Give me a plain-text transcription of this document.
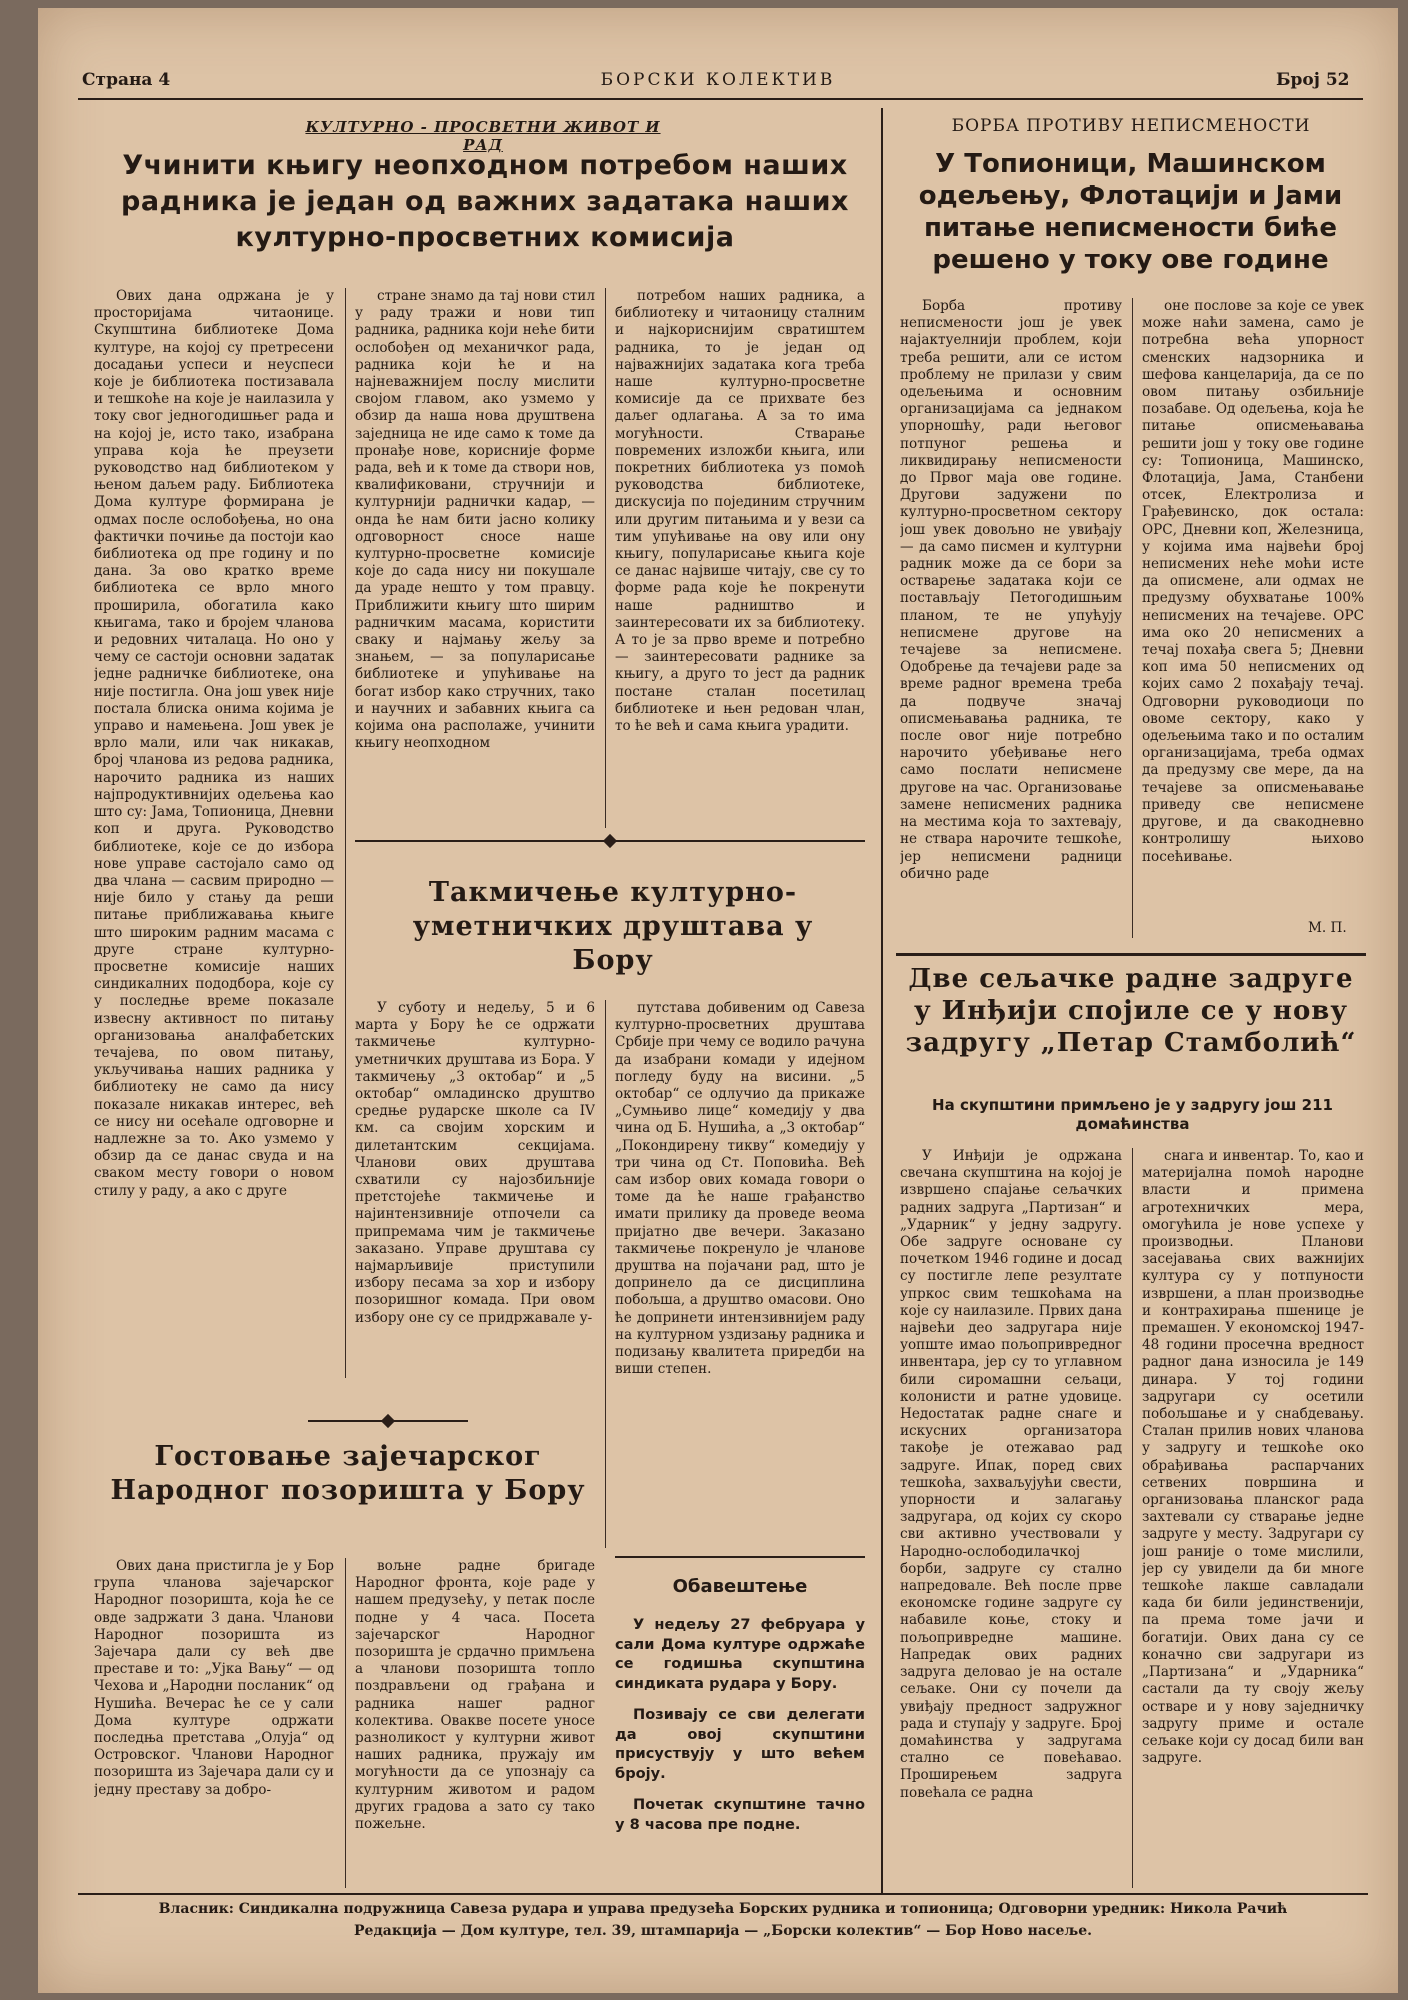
Страна 4	БОРСКИ КОЛЕКТИВ	Број 52
КУЛТУРНО - ПРОСВЕТНИ ЖИВОТ И РАД
Учинити књигу неопходном потребом наших радника је један од важних задатака наших културно-просветних комисија

Ових дана одржана је у просторијама читаонице. Скупштина библиотеке Дома културе, на којој су претресени досадањи успеси и неуспеси које је библиотека постизавала и тешкоће на које је наилазила у току свог једногодишњег рада и на којој је, исто тако, изабрана управа која ће преузети руководство над библиотеком у њеном даљем раду. Библиотека Дома културе формирана је одмах после ослобођења, но она фактички почиње да постоји као библиотека од пре годину и по дана. За ово кратко време библиотека се врло много проширила, обогатила како књигама, тако и бројем чланова и редовних читалаца. Но оно у чему се састоји основни задатак једне радничке библиотеке, она није постигла. Она још увек није постала блиска онима којима је управо и намењена. Још увек је врло мали, или чак никакав, број чланова из редова радника, нарочито радника из наших најпродуктивнијих одељења као што су: Јама, Топионица, Дневни коп и друга. Руководство библиотеке, које се до избора нове управе састојало само од два члана — сасвим природно — није било у стању да реши питање приближавања књиге што широким радним масама с друге стране културно-просветне комисије наших синдикалних пододбора, које су у последње време показале извесну активност по питању организовања аналфабетских течајева, по овом питању, укључивања наших радника у библиотеку не само да нису показале никакав интерес, већ се нису ни осећале одговорне и надлежне за то. Ако узмемо у обзир да се данас свуда и на сваком месту говори о новом стилу у раду, а ако с друге

стране знамо да тај нови стил у раду тражи и нови тип радника, радника који неће бити ослобођен од механичког рада, радника који ће и на најневажнијем послу мислити својом главом, ако узмемо у обзир да наша нова друштвена заједница не иде само к томе да пронађе нове, корисније форме рада, већ и к томе да створи нов, квалификовани, стручнији и културнији раднички кадар, — онда ће нам бити јасно колику одговорност сносе наше културно-просветне комисије које до сада нису ни покушале да ураде нешто у том правцу. Приближити књигу што ширим радничким масама, користити сваку и најмању жељу за знањем, — за популарисање библиотеке и упућивање на богат избор како стручних, тако и научних и забавних књига са којима она располаже, учинити књигу неопходном

потребом наших радника, а библиотеку и читаоницу сталним и најкориснијим свратиштем радника, то је један од најважнијих задатака кога треба наше културно-просветне комисије да се прихвате без даљег одлагања. А за то има могућности. Стварање повремених изложби књига, или покретних библиотека уз помоћ руководства библиотеке, дискусија по појединим стручним или другим питањима и у вези са тим упућивање на ову или ону књигу, популарисање књига које се данас највише читају, све су то форме рада које ће покренути наше радништво и заинтересовати их за библиотеку. А то је за прво време и потребно — заинтересовати раднике за књигу, а друго то јест да радник постане сталан посетилац библиотеке и њен редован члан, то ће већ и сама књига урадити.

Такмичење културно-уметничких друштава у Бору

У суботу и недељу, 5 и 6 марта у Бору ће се одржати такмичење културно-уметничких друштава из Бора. У такмичењу „3 октобар“ и „5 октобар“ омладинско друштво средње рударске школе са IV км. са својим хорским и дилетантским секцијама. Чланови ових друштава схватили су најозбиљније претстојеће такмичење и најинтензивније отпочели са припремама чим је такмичење заказано. Управе друштава су најмарљивије приступили избору песама за хор и избору позоришног комада. При овом избору оне су се придржавале у-

путстава добивеним од Савеза културно-просветних друштава Србије при чему се водило рачуна да изабрани комади у идејном погледу буду на висини. „5 октобар“ се одлучио да прикаже „Сумњиво лице“ комедију у два чина од Б. Нушића, а „3 октобар“ „Покондирену тикву“ комедију у три чина од Ст. Поповића. Већ сам избор ових комада говори о томе да ће наше грађанство имати прилику да проведе веома пријатно две вечери. Заказано такмичење покренуло је чланове друштва на појачани рад, што је допринело да се дисциплина побољша, а друштво омасови. Оно ће допринети интензивнијем раду на културном уздизању радника и подизању квалитета приредби на виши степен.

Гостовање зајечарског Народног позоришта у Бору

Ових дана пристигла је у Бор група чланова зајечарског Народног позоришта, која ће се овде задржати 3 дана. Чланови Народног позоришта из Зајечара дали су већ две преставе и то: „Ујка Вању“ — од Чехова и „Народни посланик“ од Нушића. Вечерас ће се у сали Дома културе одржати последња претстава „Олуја“ од Островског. Чланови Народног позоришта из Зајечара дали су и једну преставу за добро-

вољне радне бригаде Народног фронта, које раде у нашем предузећу, у петак после подне у 4 часа. Посета зајечарског Народног позоришта је срдачно примљена а чланови позоришта топло поздрављени од грађана и радника нашег радног колектива. Овакве посете уносе разноликост у културни живот наших радника, пружају им могућности да се упознају са културним животом и радом других градова а зато су тако пожељне.

Обавештење

У недељу 27 фебруара у сали Дома културе одржаће се годишња скупштина синдиката рудара у Бору.

Позивају се сви делегати да овој скупштини присуствују у што већем броју.

Почетак скупштине тачно у 8 часова пре подне.

БОРБА ПРОТИВУ НЕПИСМЕНОСТИ
У Топионици, Машинском одељењу, Флотацији и Јами питање неписмености биће решено у току ове године

Борба противу неписмености још је увек најактуелнији проблем, који треба решити, али се истом проблему не прилази у свим одељењима и основним организацијама са једнаком упорношћу, ради његовог потпуног решења и ликвидирању неписмености до Првог маја ове године. Другови задужени по културно-просветном сектору још увек довољно не увиђају — да само писмен и културни радник може да се бори за остварење задатака који се постављају Петогодишњим планом, те не упућују неписмене другове на течајеве за неписмене. Одобрење да течајеви раде за време радног времена треба да подвуче значај описмењавања радника, те после овог није потребно нарочито убеђивање него само послати неписмене другове на час. Организовање замене неписмених радника на местима која то захтевају, не ствара нарочите тешкоће, јер неписмени радници обично раде

оне послове за које се увек може наћи замена, само је потребна већа упорност сменских надзорника и шефова канцеларија, да се по овом питању озбиљније позабаве. Од одељења, која ће питање описмењавања решити још у току ове године су: Топионица, Машинско, Флотација, Јама, Станбени отсек, Електролиза и Грађевинско, док остала: ОРС, Дневни коп, Железница, у којима има највећи број неписмених неће моћи исте да описмене, али одмах не предузму обухватање 100% неписмених на течајеве. ОРС има око 20 неписмених а течај похађа свега 5; Дневни коп има 50 неписмених од којих само 2 похађају течај. Одговорни руководиоци по овоме сектору, како у одељењима тако и по осталим организацијама, треба одмах да предузму све мере, да на течајеве за описмењавање приведу све неписмене другове, и да свакодневно контролишу њихово посећивање.

М. П.
Две сељачке радне задруге у Инђији спојиле се у нову задругу „Петар Стамболић“
На скупштини примљено је у задругу још 211 домаћинства

У Инђији је одржана свечана скупштина на којој је извршено спајање сељачких радних задруга „Партизан“ и „Ударник“ у једну задругу. Обе задруге основане су почетком 1946 године и досад су постигле лепе резултате упркос свим тешкоћама на које су наилазиле. Првих дана највећи део задругара није уопште имао пољопривредног инвентара, јер су то углавном били сиромашни сељаци, колонисти и ратне удовице. Недостатак радне снаге и искусних организатора такође је отежавао рад задруге. Ипак, поред свих тешкоћа, захваљујући свести, упорности и залагању задругара, од којих су скоро сви активно учествовали у Народно-ослободилачкој борби, задруге су стално напредовале. Већ после прве економске године задруге су набавиле коње, стоку и пољопривредне машине. Напредак ових радних задруга деловао је на остале сељаке. Они су почели да увиђају предност задружног рада и ступају у задруге. Број домаћинства у задругама стално се повећавао. Проширењем задруга повећала се радна

снага и инвентар. То, као и материјална помоћ народне власти и примена агротехничких мера, омогућила је нове успехе у производњи. Планови засејавања свих важнијих култура су у потпуности извршени, а план производње и контрахирања пшенице је премашен. У економској 1947-48 години просечна вредност радног дана износила је 149 динара. У тој години задругари су осетили побољшање и у снабдевању. Сталан прилив нових чланова у задругу и тешкоће око обрађивања распарчаних сетвених површина и организовања планског рада захтевали су стварање једне задруге у месту. Задругари су још раније о томе мислили, јер су увидели да би многе тешкоће лакше савладали када би били јединственији, па према томе јачи и богатији. Ових дана су се коначно сви задругари из „Партизана“ и „Ударника“ састали да ту своју жељу остваре и у нову заједничку задругу приме и остале сељаке који су досад били ван задруге.

Власник: Синдикална подружница Савеза рудара и управа предузећа Борских рудника и топионица; Одговорни уредник: Никола Рачић
Редакција — Дом културе, тел. 39, штампарија — „Борски колектив“ — Бор Ново насеље.
